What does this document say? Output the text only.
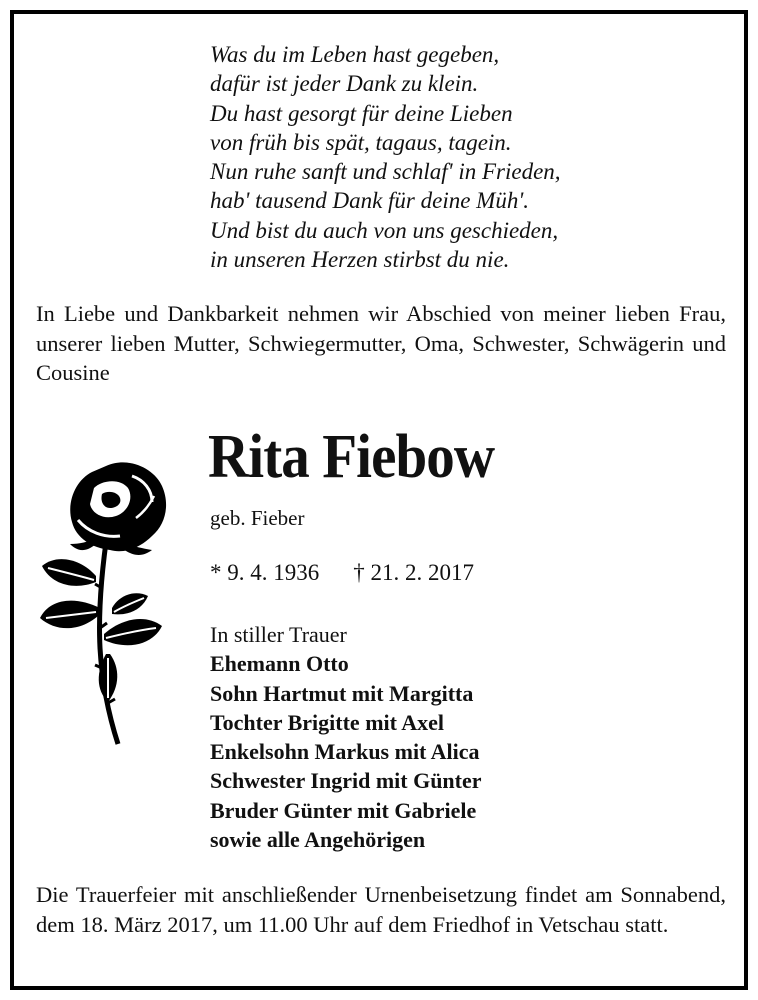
Was du im Leben hast gegeben,
dafür ist jeder Dank zu klein.
Du hast gesorgt für deine Lieben
von früh bis spät, tagaus, tagein.
Nun ruhe sanft und schlaf' in Frieden,
hab' tausend Dank für deine Müh'.
Und bist du auch von uns geschieden,
in unseren Herzen stirbst du nie.
In Liebe und Dankbarkeit nehmen wir Abschied von meiner lieben Frau, unserer lieben Mutter, Schwiegermutter, Oma, Schwester, Schwägerin und Cousine
Rita Fiebow
geb. Fieber
* 9. 4. 1936 † 21. 2. 2017
In stiller Trauer
Ehemann Otto
Sohn Hartmut mit Margitta
Tochter Brigitte mit Axel
Enkelsohn Markus mit Alica
Schwester Ingrid mit Günter
Bruder Günter mit Gabriele
sowie alle Angehörigen
Die Trauerfeier mit anschließender Urnenbeisetzung findet am Sonnabend, dem 18. März 2017, um 11.00 Uhr auf dem Friedhof in Vetschau statt.
